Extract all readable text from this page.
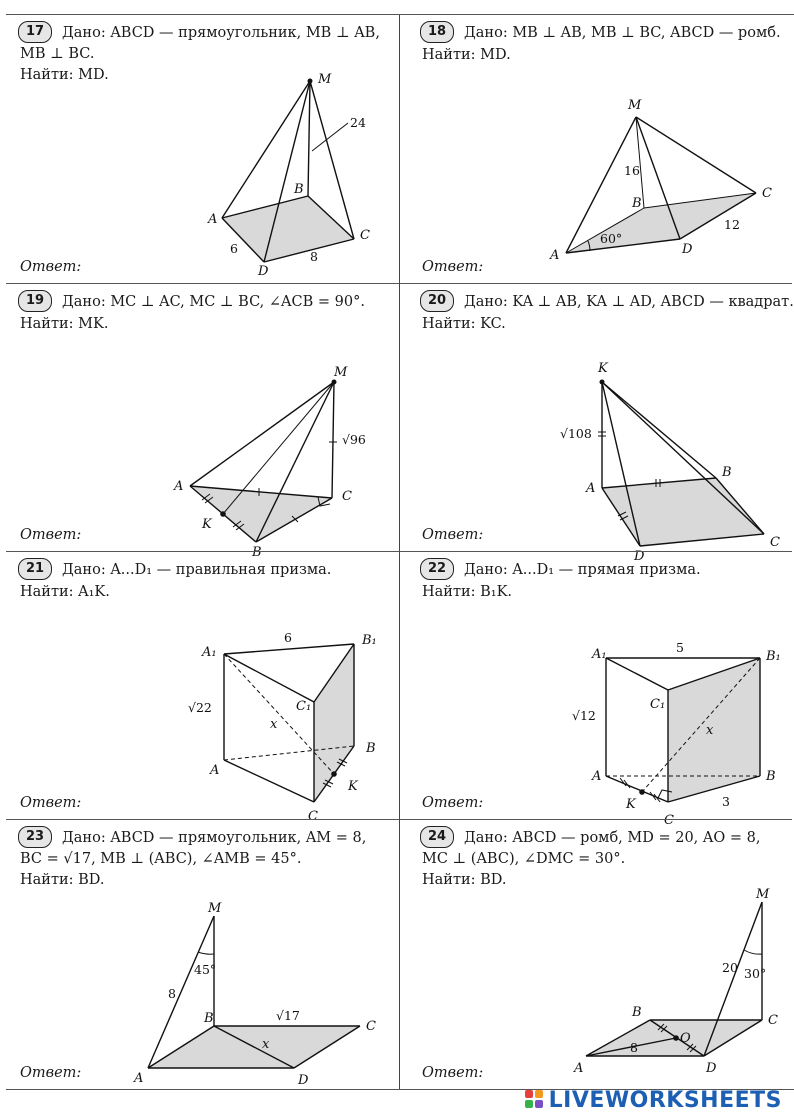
17	Дано: ABCD — прямоугольник, MB ⊥ AB,
MB ⊥ BC.
Найти: MD.	M
24
B
A
C
D
6
8
Ответ:
18	Дано: MB ⊥ AB, MB ⊥ BC, ABCD — ромб.
Найти: MD.
M
16
B
C
A	D
12
60°
Ответ:
19	Дано: MC ⊥ AC, MC ⊥ BC, ∠ACB = 90°.
Найти: MK.
M
√96
A
C
K
B
Ответ:
20	Дано: KA ⊥ AB, KA ⊥ AD, ABCD — квадрат.
Найти: KC.
K
√108
A
B
C
D
Ответ:
21	Дано: A...D₁ — правильная призма.
Найти: A₁K.
A₁
B₁
C₁
6
√22
x
A
B
K
C
Ответ:
22	Дано: A...D₁ — прямая призма.
Найти: B₁K.
A₁	B₁
C₁
5
√12
x
A	B
K
C
3
Ответ:
23	Дано: ABCD — прямоугольник, AM = 8,
BC = √17, MB ⊥ (ABC), ∠AMB = 45°.
Найти: BD.
M
45°
8
B	√17
C
x
A	D
Ответ:
24	Дано: ABCD — ромб, MD = 20, AO = 8,
MC ⊥ (ABC), ∠DMC = 30°.
Найти: BD.
M
20 30°
B
C
O
8
A	D
Ответ:
LIVEWORKSHEETS
